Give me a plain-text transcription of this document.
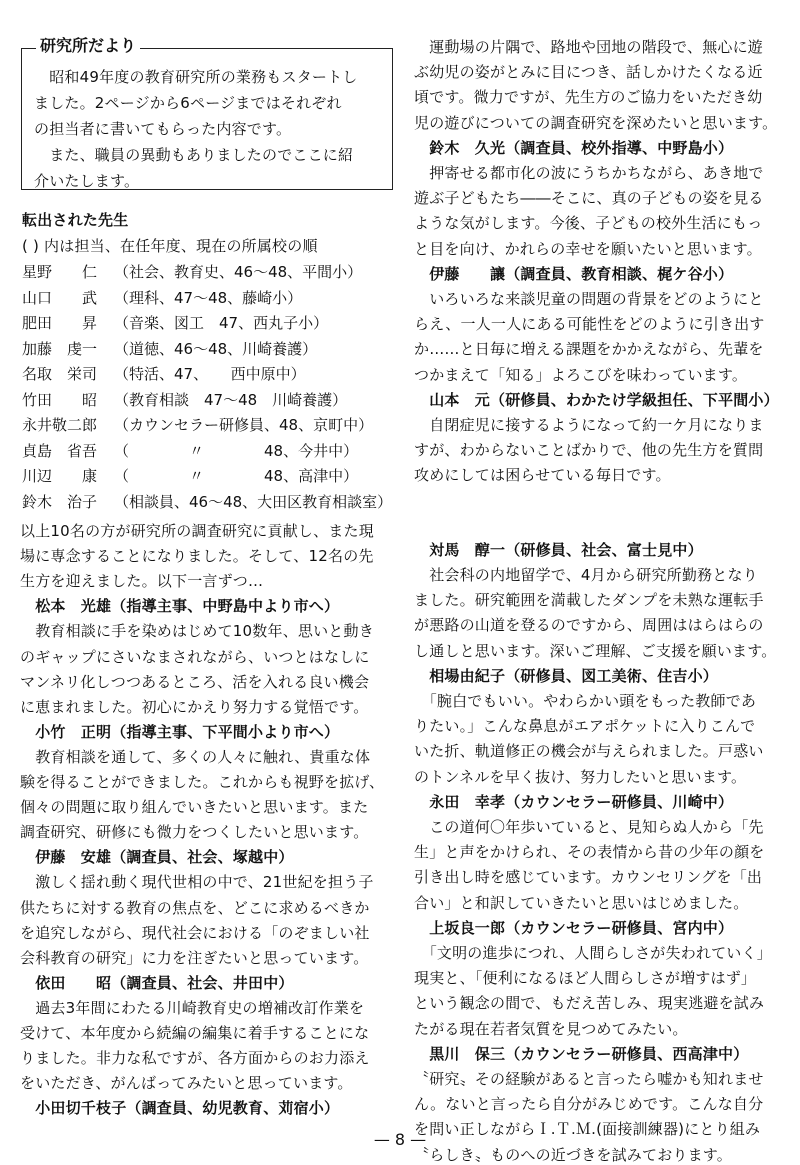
研究所だより
　昭和49年度の教育研究所の業務もスタートし
ました。2ページから6ページまではそれぞれ
の担当者に書いてもらった内容です。
　また、職員の異動もありましたのでここに紹
介いたします。
転出された先生
( ) 内は担当、在任年度、現在の所属校の順
星野　　仁 （社会、教育史、46〜48、平間小）
山口　　武 （理科、47〜48、藤崎小）
肥田　　昇 （音楽、図工　47、西丸子小）
加藤　虔一 （道徳、46〜48、川崎養護）
名取　栄司 （特活、47、　　西中原中）
竹田　　昭 （教育相談　47〜48　川崎養護）
永井敬二郎 （カウンセラー研修員、48、京町中）
貞島　省吾 （　　　　〃　　　　48、今井中）
川辺　　康 （　　　　〃　　　　48、高津中）
鈴木　治子 （相談員、46〜48、大田区教育相談室）
以上10名の方が研究所の調査研究に貢献し、また現
場に専念することになりました。そして、12名の先
生方を迎えました。以下一言ずつ…
　松本　光雄（指導主事、中野島中より市へ）
　教育相談に手を染めはじめて10数年、思いと動き
のギャップにさいなまされながら、いつとはなしに
マンネリ化しつつあるところ、活を入れる良い機会
に恵まれました。初心にかえり努力する覚悟です。
　小竹　正明（指導主事、下平間小より市へ）
　教育相談を通して、多くの人々に触れ、貴重な体
験を得ることができました。これからも視野を拡げ、
個々の問題に取り組んでいきたいと思います。また
調査研究、研修にも微力をつくしたいと思います。
　伊藤　安雄（調査員、社会、塚越中）
　激しく揺れ動く現代世相の中で、21世紀を担う子
供たちに対する教育の焦点を、どこに求めるべきか
を追究しながら、現代社会における「のぞましい社
会科教育の研究」に力を注ぎたいと思っています。
　依田　　昭（調査員、社会、井田中）
　過去3年間にわたる川崎教育史の増補改訂作業を
受けて、本年度から続編の編集に着手することにな
りました。非力な私ですが、各方面からのお力添え
をいただき、がんばってみたいと思っています。
　小田切千枝子（調査員、幼児教育、苅宿小）
　運動場の片隅で、路地や団地の階段で、無心に遊
ぶ幼児の姿がとみに目につき、話しかけたくなる近
頃です。微力ですが、先生方のご協力をいただき幼
児の遊びについての調査研究を深めたいと思います。
　鈴木　久光（調査員、校外指導、中野島小）
　押寄せる都市化の波にうちかちながら、あき地で
遊ぶ子どもたち――そこに、真の子どもの姿を見る
ような気がします。今後、子どもの校外生活にもっ
と目を向け、かれらの幸せを願いたいと思います。
　伊藤　　讓（調査員、教育相談、梶ケ谷小）
　いろいろな来談児童の問題の背景をどのようにと
らえ、一人一人にある可能性をどのように引き出す
か……と日毎に増える課題をかかえながら、先輩を
つかまえて「知る」よろこびを味わっています。
　山本　元（研修員、わかたけ学級担任、下平間小）
　自閉症児に接するようになって約一ケ月になりま
すが、わからないことばかりで、他の先生方を質問
攻めにしては困らせている毎日です。
　対馬　醇一（研修員、社会、富士見中）
　社会科の内地留学で、4月から研究所勤務となり
ました。研究範囲を満載したダンプを未熟な運転手
が悪路の山道を登るのですから、周囲ははらはらの
し通しと思います。深いご理解、ご支援を願います。
　相場由紀子（研修員、図工美術、住吉小）
　「腕白でもいい。やわらかい頭をもった教師であ
りたい。」こんな鼻息がエアポケットに入りこんで
いた折、軌道修正の機会が与えられました。戸惑い
のトンネルを早く抜け、努力したいと思います。
　永田　幸孝（カウンセラー研修員、川崎中）
　この道何〇年歩いていると、見知らぬ人から「先
生」と声をかけられ、その表情から昔の少年の顔を
引き出し時を感じています。カウンセリングを「出
合い」と和訳していきたいと思いはじめました。
　上坂良一郎（カウンセラー研修員、宮内中）
　「文明の進歩につれ、人間らしさが失われていく」
現実と、「便利になるほど人間らしさが増すはず」
という観念の間で、もだえ苦しみ、現実逃避を試み
たがる現在若者気質を見つめてみたい。
　黒川　保三（カウンセラー研修員、西高津中）
〝研究〟その経験があると言ったら嘘かも知れませ
ん。ないと言ったら自分がみじめです。こんな自分
を問い正しながらＩ.Ｔ.Ｍ.(面接訓練器)にとり組み
〝らしき〟ものへの近づきを試みております。
— 8 —
